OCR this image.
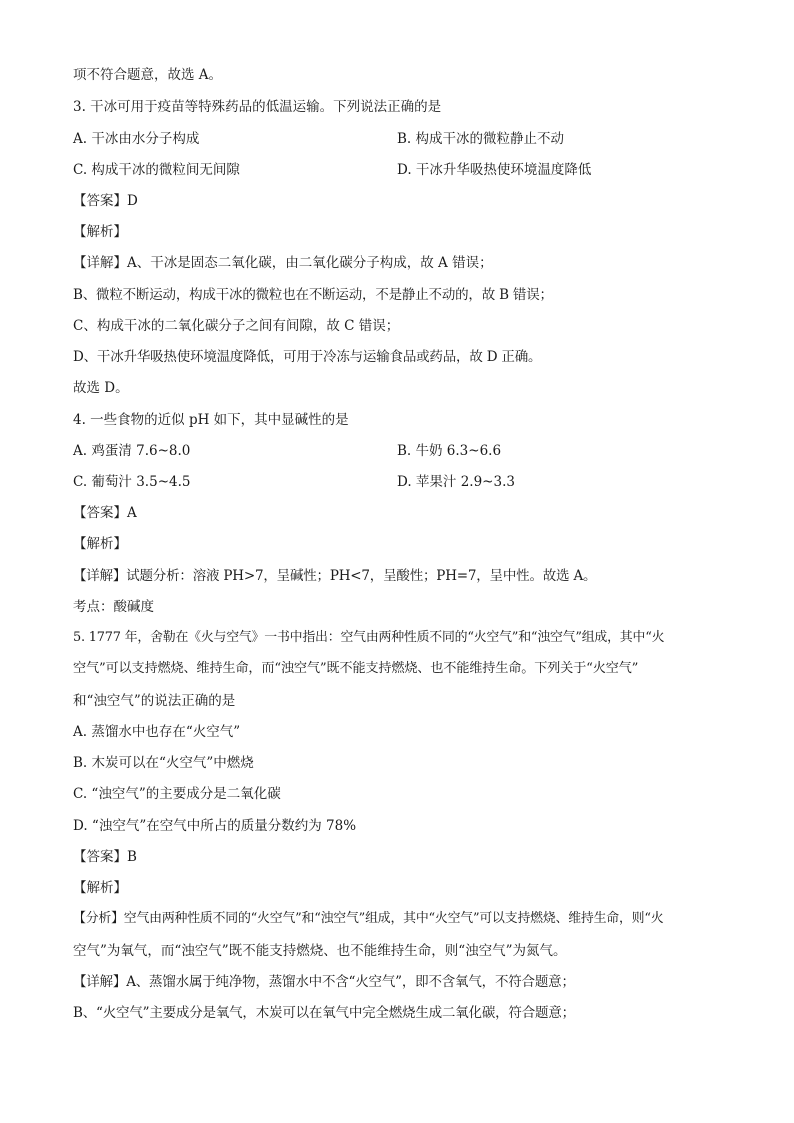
项不符合题意，故选 A。
3. 干冰可用于疫苗等特殊药品的低温运输。下列说法正确的是
A. 干冰由水分子构成	B. 构成干冰的微粒静止不动
C. 构成干冰的微粒间无间隙	D. 干冰升华吸热使环境温度降低
【答案】D
【解析】
【详解】A、干冰是固态二氧化碳，由二氧化碳分子构成，故 A 错误；
B、微粒不断运动，构成干冰的微粒也在不断运动，不是静止不动的，故 B 错误；
C、构成干冰的二氧化碳分子之间有间隙，故 C 错误；
D、干冰升华吸热使环境温度降低，可用于冷冻与运输食品或药品，故 D 正确。
故选 D。
4. 一些食物的近似 pH 如下，其中显碱性的是
A. 鸡蛋清 7.6~8.0	B. 牛奶 6.3~6.6
C. 葡萄汁 3.5~4.5	D. 苹果汁 2.9~3.3
【答案】A
【解析】
【详解】试题分析：溶液 PH>7，呈碱性；PH<7，呈酸性；PH=7，呈中性。故选 A。
考点：酸碱度
5. 1777 年，舍勒在《火与空气》一书中指出：空气由两种性质不同的“火空气”和“浊空气”组成，其中“火
空气”可以支持燃烧、维持生命，而“浊空气”既不能支持燃烧、也不能维持生命。下列关于“火空气”
和“浊空气”的说法正确的是
A. 蒸馏水中也存在“火空气”
B. 木炭可以在“火空气”中燃烧
C. “浊空气”的主要成分是二氧化碳
D. “浊空气”在空气中所占的质量分数约为 78%
【答案】B
【解析】
【分析】空气由两种性质不同的“火空气”和“浊空气”组成，其中“火空气”可以支持燃烧、维持生命，则“火
空气”为氧气，而“浊空气”既不能支持燃烧、也不能维持生命，则“浊空气”为氮气。
【详解】A、蒸馏水属于纯净物，蒸馏水中不含“火空气”，即不含氧气，不符合题意；
B、“火空气”主要成分是氧气，木炭可以在氧气中完全燃烧生成二氧化碳，符合题意；
